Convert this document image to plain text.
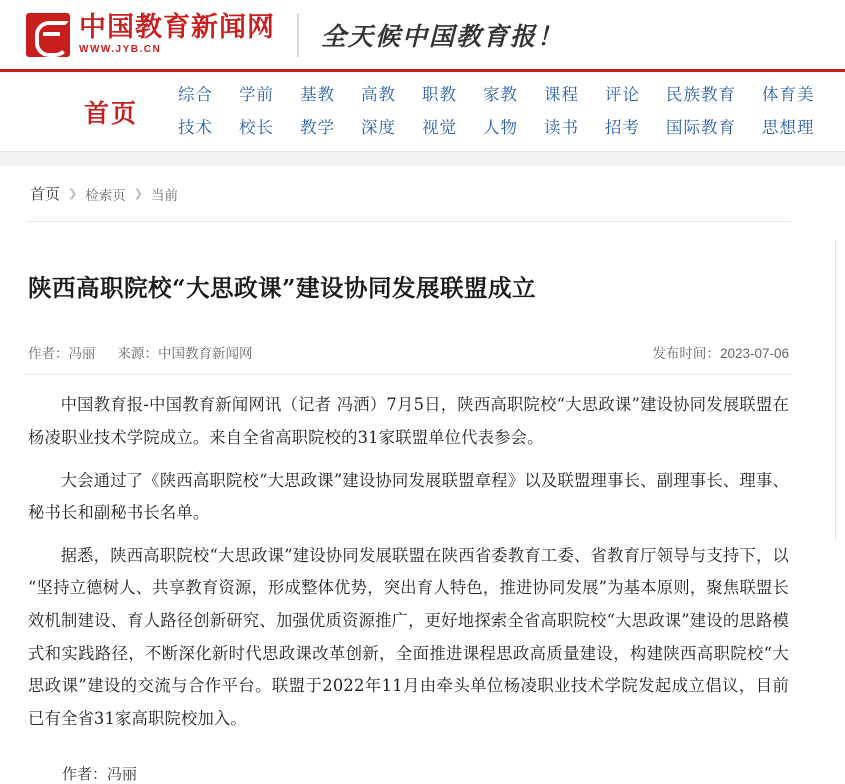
中国教育新闻网
WWW.JYB.CN	全天候中国教育报！
首页
综合
技术
学前
校长
基教
教学
高教
深度
职教
视觉
家教
人物
课程
读书
评论
招考
民族教育
国际教育
体育美
思想理
首页 ❯ 检索页 ❯ 当前
陕西高职院校“大思政课”建设协同发展联盟成立
作者：冯丽 来源：中国教育新闻网	发布时间：2023-07-06

中国教育报-中国教育新闻网讯（记者 冯洒）7月5日，陕西高职院校“大思政课”建设协同发展联盟在杨凌职业技术学院成立。来自全省高职院校的31家联盟单位代表参会。

大会通过了《陕西高职院校“大思政课”建设协同发展联盟章程》以及联盟理事长、副理事长、理事、秘书长和副秘书长名单。

据悉，陕西高职院校“大思政课”建设协同发展联盟在陕西省委教育工委、省教育厅领导与支持下，以“坚持立德树人、共享教育资源，形成整体优势，突出育人特色，推进协同发展”为基本原则，聚焦联盟长效机制建设、育人路径创新研究、加强优质资源推广，更好地探索全省高职院校“大思政课”建设的思路模式和实践路径，不断深化新时代思政课改革创新，全面推进课程思政高质量建设，构建陕西高职院校“大思政课”建设的交流与合作平台。联盟于2022年11月由牵头单位杨凌职业技术学院发起成立倡议，目前已有全省31家高职院校加入。

作者：冯丽
